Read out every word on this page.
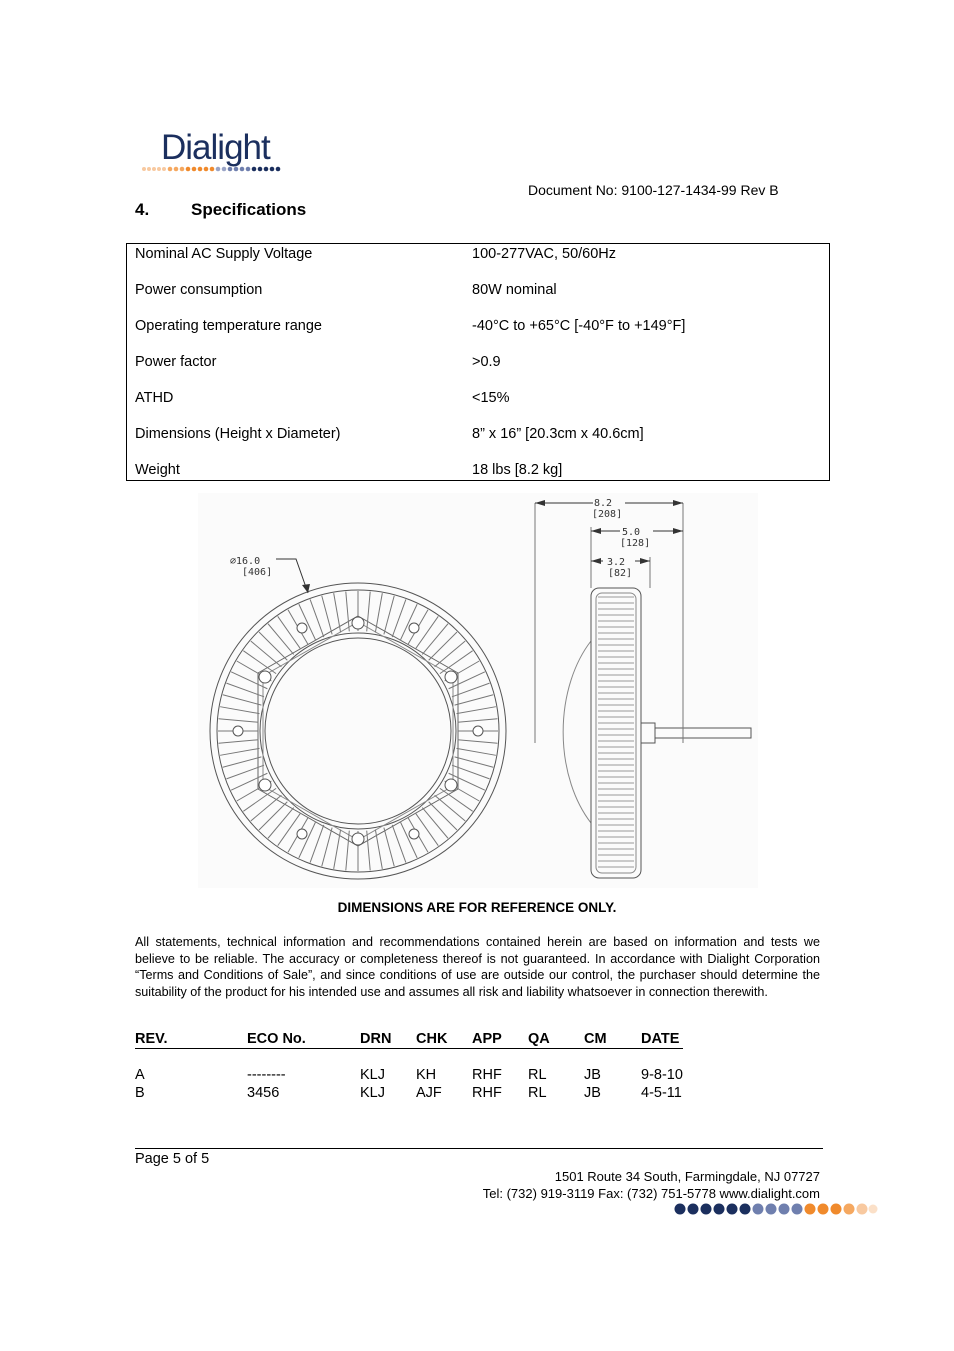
Dialight
Document No: 9100-127-1434-99 Rev B
4. Specifications
Nominal AC Supply Voltage	100-277VAC, 50/60Hz
Power consumption	80W nominal
Operating temperature range	-40°C to +65°C [-40°F to +149°F]
Power factor	>0.9
ATHD	<15%
Dimensions (Height x Diameter)	8” x 16” [20.3cm x 40.6cm]
Weight	18 lbs [8.2 kg]
∅16.0
[406]
8.2
[208]
5.0
[128]
3.2
[82]
DIMENSIONS ARE FOR REFERENCE ONLY.
All statements, technical information and recommendations contained herein are based on information and tests we believe to be reliable. The accuracy or completeness thereof is not guaranteed. In accordance with Dialight Corporation “Terms and Conditions of Sale”, and since conditions of use are outside our control, the purchaser should determine the suitability of the product for his intended use and assumes all risk and liability whatsoever in connection therewith.
REV.	ECO No.	DRN CHK APP QA CM DATE
A	--------	KLJ KH RHF RL	JB	9-8-10
B	3456	KLJ AJF RHF RL	JB	4-5-11
Page 5 of 5
1501 Route 34 South, Farmingdale, NJ 07727
Tel: (732) 919-3119 Fax: (732) 751-5778 www.dialight.com
